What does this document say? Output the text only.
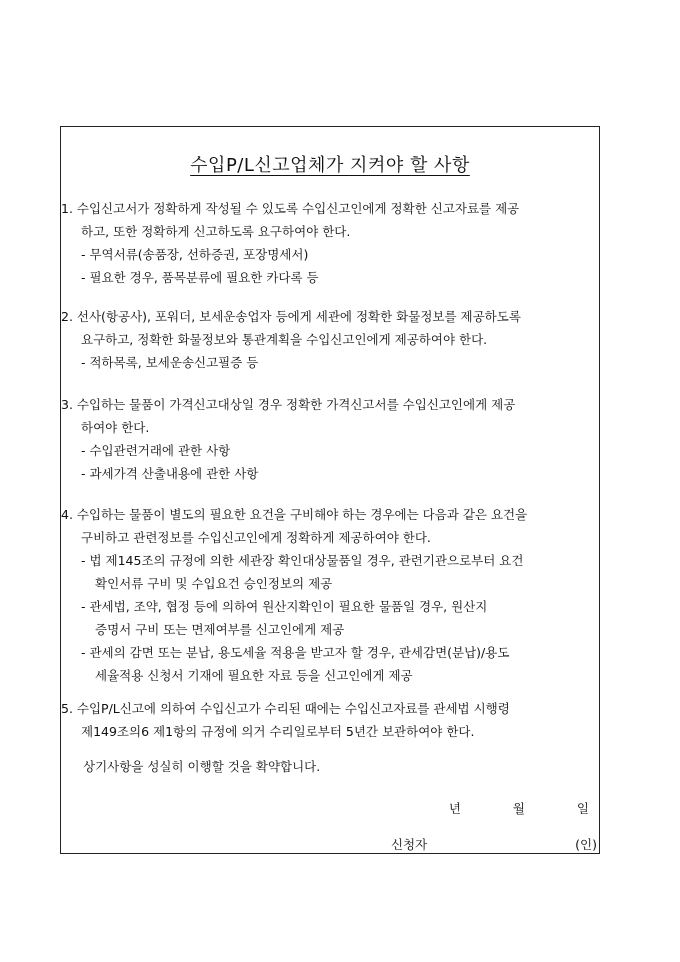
수입P/L신고업체가 지켜야 할 사항
1. 수입신고서가 정확하게 작성될 수 있도록 수입신고인에게 정확한 신고자료를 제공
하고, 또한 정확하게 신고하도록 요구하여야 한다.
- 무역서류(송품장, 선하증권, 포장명세서)
- 필요한 경우, 품목분류에 필요한 카다록 등
2. 선사(항공사), 포워더, 보세운송업자 등에게 세관에 정확한 화물정보를 제공하도록
요구하고, 정확한 화물정보와 통관계획을 수입신고인에게 제공하여야 한다.
- 적하목록, 보세운송신고필증 등
3. 수입하는 물품이 가격신고대상일 경우 정확한 가격신고서를 수입신고인에게 제공
하여야 한다.
- 수입관련거래에 관한 사항
- 과세가격 산출내용에 관한 사항
4. 수입하는 물품이 별도의 필요한 요건을 구비해야 하는 경우에는 다음과 같은 요건을
구비하고 관련정보를 수입신고인에게 정확하게 제공하여야 한다.
- 법 제145조의 규정에 의한 세관장 확인대상물품일 경우, 관련기관으로부터 요건
확인서류 구비 및 수입요건 승인정보의 제공
- 관세법, 조약, 협정 등에 의하여 원산지확인이 필요한 물품일 경우, 원산지
증명서 구비 또는 면제여부를 신고인에게 제공
- 관세의 감면 또는 분납, 용도세율 적용을 받고자 할 경우, 관세감면(분납)/용도
세율적용 신청서 기재에 필요한 자료 등을 신고인에게 제공
5. 수입P/L신고에 의하여 수입신고가 수리된 때에는 수입신고자료를 관세법 시행령
제149조의6 제1항의 규정에 의거 수리일로부터 5년간 보관하여야 한다.
상기사항을 성실히 이행할 것을 확약합니다.
년	월	일
신청자	(인)
